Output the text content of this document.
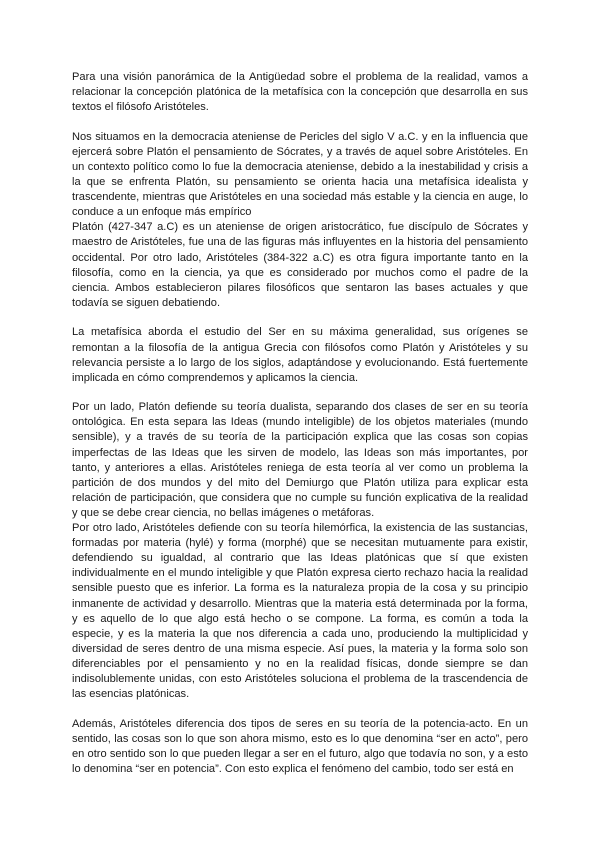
Para una visión panorámica de la Antigüedad sobre el problema de la realidad, vamos a relacionar la concepción platónica de la metafísica con la concepción que desarrolla en sus textos el filósofo Aristóteles.

Nos situamos en la democracia ateniense de Pericles del siglo V a.C. y en la influencia que ejercerá sobre Platón el pensamiento de Sócrates, y a través de aquel sobre Aristóteles. En un contexto político como lo fue la democracia ateniense, debido a la inestabilidad y crisis a la que se enfrenta Platón, su pensamiento se orienta hacia una metafísica idealista y trascendente, mientras que Aristóteles en una sociedad más estable y la ciencia en auge, lo conduce a un enfoque más empírico

Platón (427-347 a.C) es un ateniense de origen aristocrático, fue discípulo de Sócrates y maestro de Aristóteles, fue una de las figuras más influyentes en la historia del pensamiento occidental. Por otro lado, Aristóteles (384-322 a.C) es otra figura importante tanto en la filosofía, como en la ciencia, ya que es considerado por muchos como el padre de la ciencia. Ambos establecieron pilares filosóficos que sentaron las bases actuales y que todavía se siguen debatiendo.

La metafísica aborda el estudio del Ser en su máxima generalidad, sus orígenes se remontan a la filosofía de la antigua Grecia con filósofos como Platón y Aristóteles y su relevancia persiste a lo largo de los siglos, adaptándose y evolucionando. Está fuertemente implicada en cómo comprendemos y aplicamos la ciencia.

Por un lado, Platón defiende su teoría dualista, separando dos clases de ser en su teoría ontológica. En esta separa las Ideas (mundo inteligible) de los objetos materiales (mundo sensible), y a través de su teoría de la participación explica que las cosas son copias imperfectas de las Ideas que les sirven de modelo, las Ideas son más importantes, por tanto, y anteriores a ellas. Aristóteles reniega de esta teoría al ver como un problema la partición de dos mundos y del mito del Demiurgo que Platón utiliza para explicar esta relación de participación, que considera que no cumple su función explicativa de la realidad y que se debe crear ciencia, no bellas imágenes o metáforas.

Por otro lado, Aristóteles defiende con su teoría hilemórfica, la existencia de las sustancias, formadas por materia (hylé) y forma (morphé) que se necesitan mutuamente para existir, defendiendo su igualdad, al contrario que las Ideas platónicas que sí que existen individualmente en el mundo inteligible y que Platón expresa cierto rechazo hacia la realidad sensible puesto que es inferior. La forma es la naturaleza propia de la cosa y su principio inmanente de actividad y desarrollo. Mientras que la materia está determinada por la forma, y es aquello de lo que algo está hecho o se compone. La forma, es común a toda la especie, y es la materia la que nos diferencia a cada uno, produciendo la multiplicidad y diversidad de seres dentro de una misma especie. Así pues, la materia y la forma solo son diferenciables por el pensamiento y no en la realidad físicas, donde siempre se dan indisolublemente unidas, con esto Aristóteles soluciona el problema de la trascendencia de las esencias platónicas.

Además, Aristóteles diferencia dos tipos de seres en su teoría de la potencia-acto. En un sentido, las cosas son lo que son ahora mismo, esto es lo que denomina “ser en acto”, pero en otro sentido son lo que pueden llegar a ser en el futuro, algo que todavía no son, y a esto lo denomina “ser en potencia”. Con esto explica el fenómeno del cambio, todo ser está en
